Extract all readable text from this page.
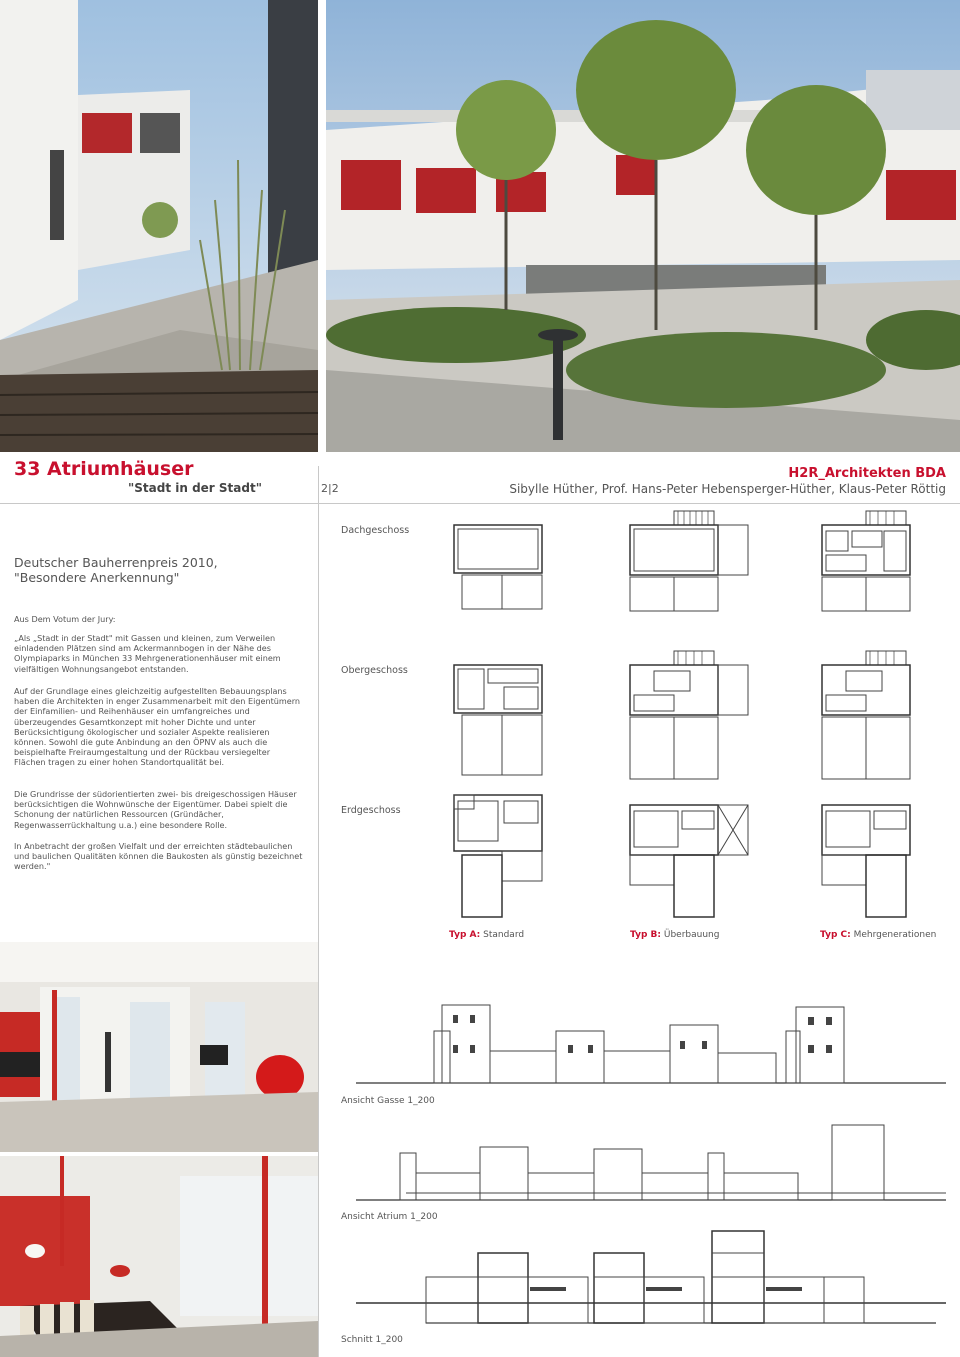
33 Atriumhäuser
"Stadt in der Stadt"	2|2
H2R_Architekten BDA
Sibylle Hüther, Prof. Hans-Peter Hebensperger-Hüther, Klaus-Peter Röttig
Deutscher Bauherrenpreis 2010,
"Besondere Anerkennung"
Aus Dem Votum der Jury:
„Als „Stadt in der Stadt" mit Gassen und kleinen, zum Verweilen einladenden Plätzen sind am Ackermannbogen in der Nähe des Olympiaparks in München 33 Mehrgenerationenhäuser mit einem vielfältigen Wohnungsangebot entstanden.
Auf der Grundlage eines gleichzeitig aufgestellten Bebauungsplans haben die Architekten in enger Zusammenarbeit mit den Eigentümern der Einfamilien- und Reihenhäuser ein umfangreiches und überzeugendes Gesamtkonzept mit hoher Dichte und unter Berücksichtigung ökologischer und sozialer Aspekte realisieren können. Sowohl die gute Anbindung an den ÖPNV als auch die beispielhafte Freiraumgestaltung und der Rückbau versiegelter Flächen tragen zu einer hohen Standortqualität bei.
Die Grundrisse der südorientierten zwei- bis dreigeschossigen Häuser berücksichtigen die Wohnwünsche der Eigentümer. Dabei spielt die Schonung der natürlichen Ressourcen (Gründächer, Regenwasserrückhaltung u.a.) eine besondere Rolle.
In Anbetracht der großen Vielfalt und der erreichten städtebaulichen und baulichen Qualitäten können die Baukosten als günstig bezeichnet werden."
Dachgeschoss
Obergeschoss
Erdgeschoss
Typ A: Standard	Typ B: Überbauung	Typ C: Mehrgenerationen
Ansicht Gasse 1_200
Ansicht Atrium 1_200
Schnitt 1_200
